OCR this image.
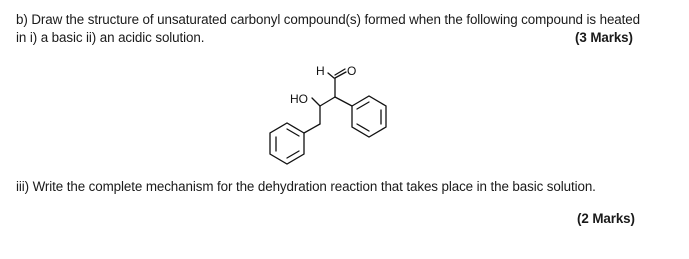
b) Draw the structure of unsaturated carbonyl compound(s) formed when the following compound is heated
in i) a basic ii) an acidic solution.	(3 Marks)
H O
HO
iii) Write the complete mechanism for the dehydration reaction that takes place in the basic solution.
(2 Marks)
